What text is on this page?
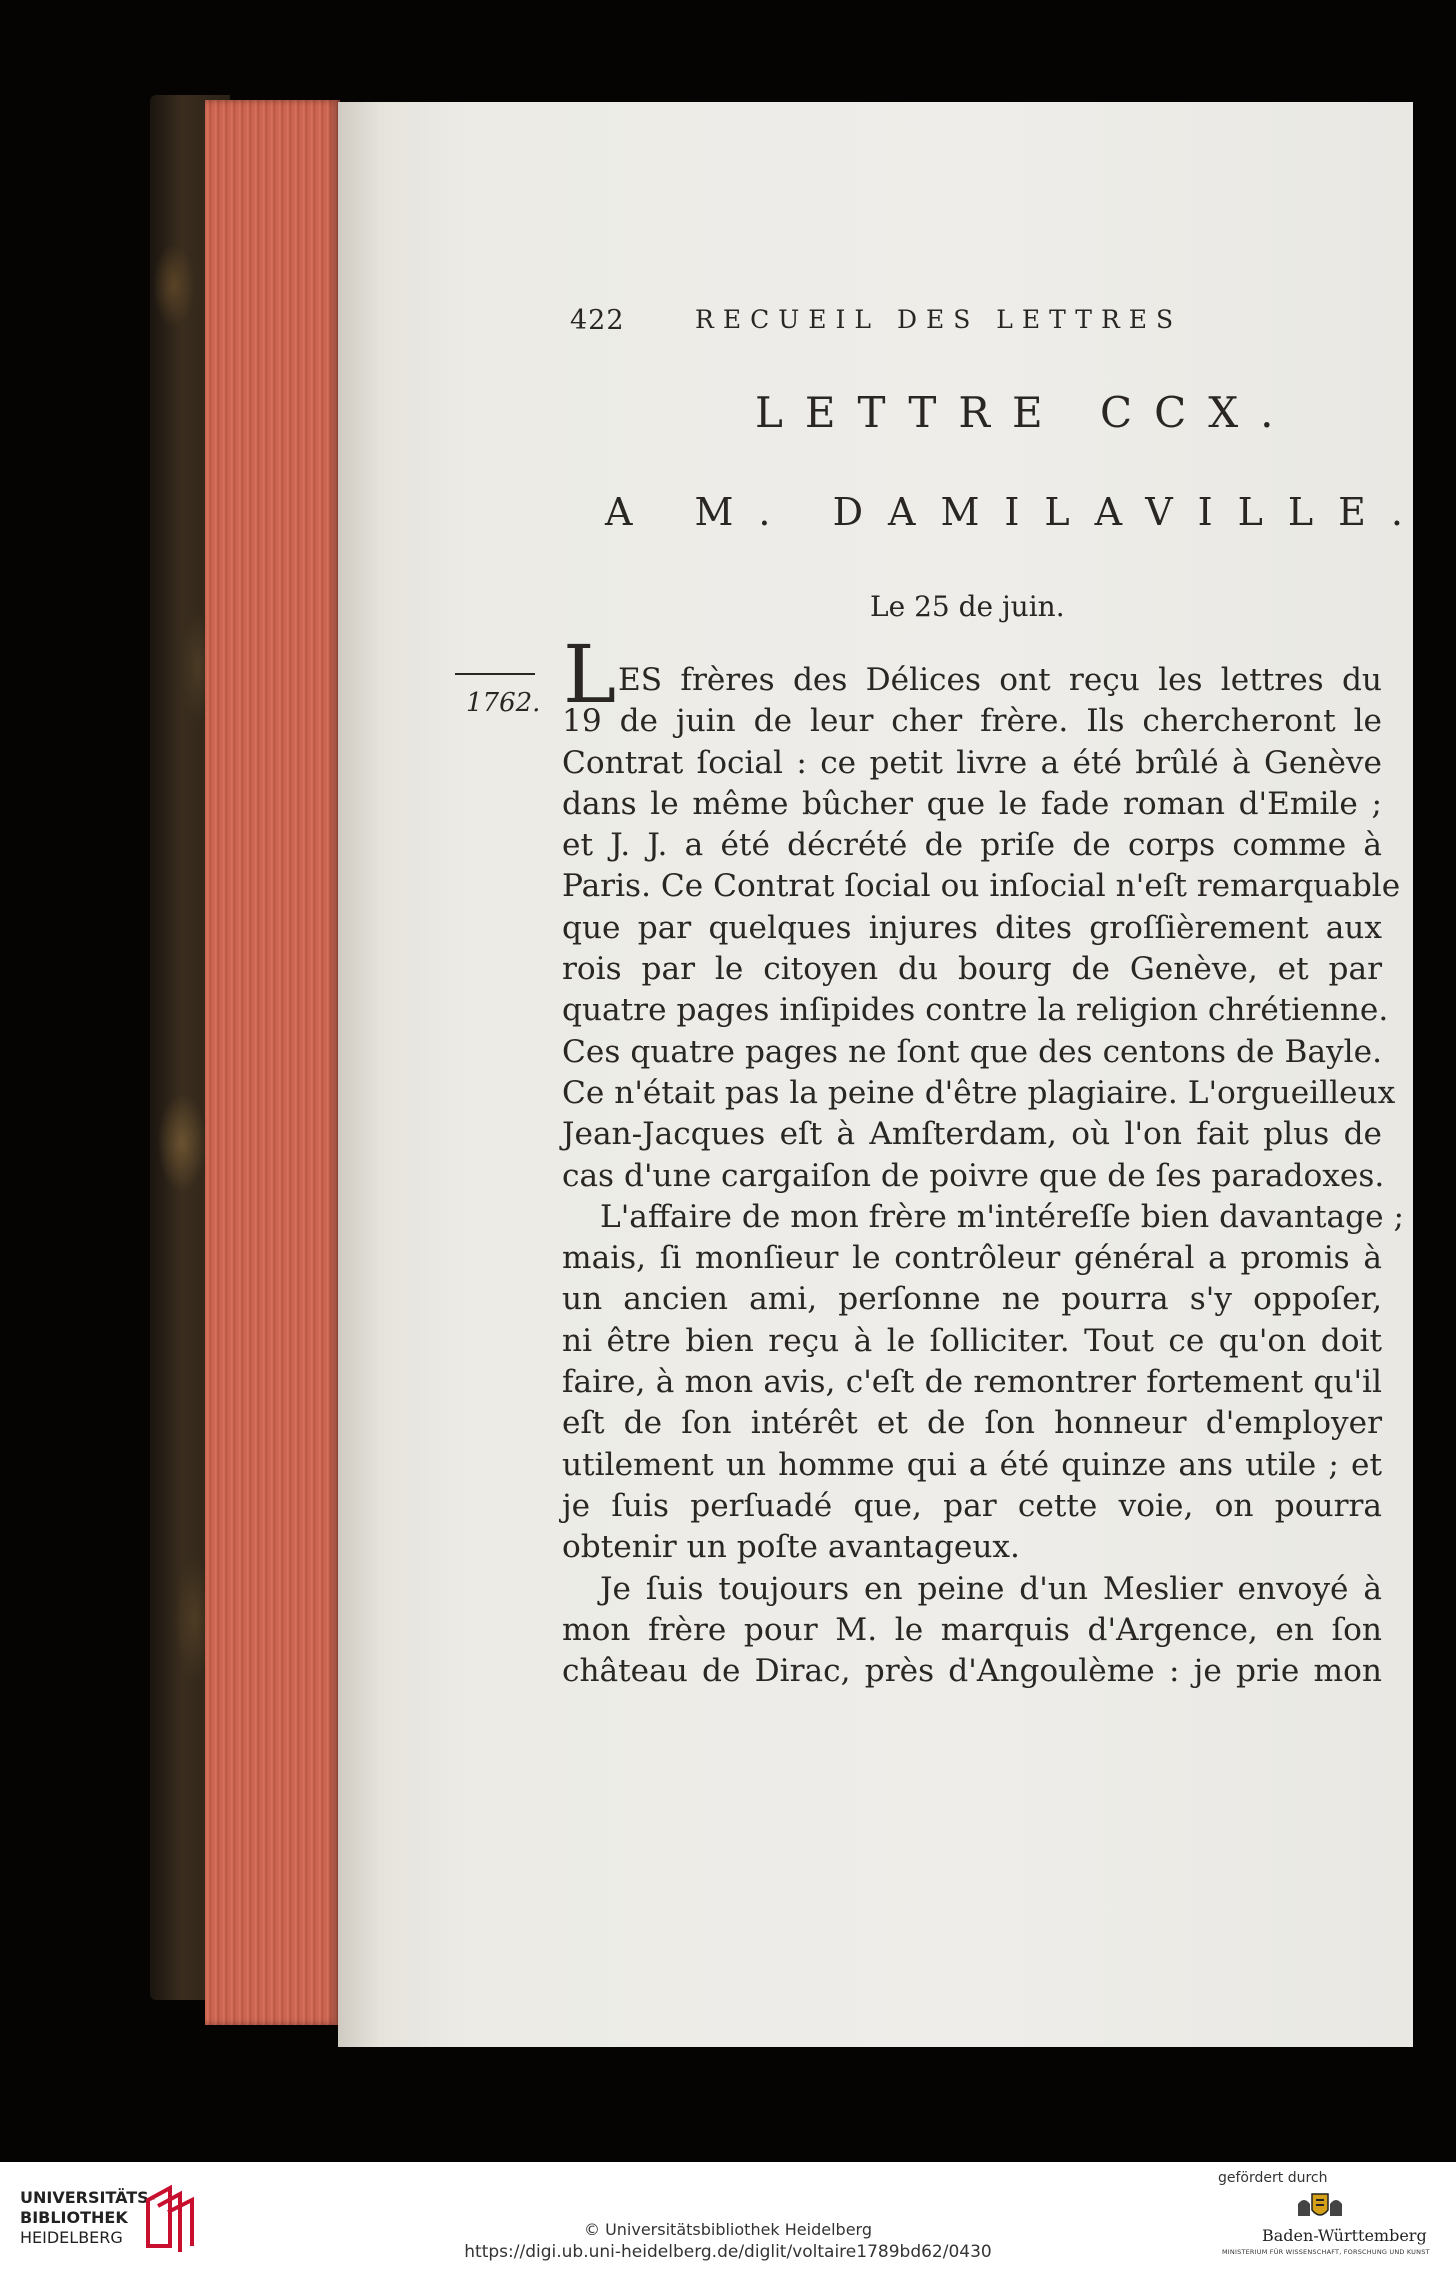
422	RECUEIL DES LETTRES
LETTRE CCX.
A M. DAMILAVILLE.
Le 25 de juin.
1762. L ES frères des Délices ont reçu les lettres du
19 de juin de leur cher frère. Ils chercheront le
Contrat ſocial : ce petit livre a été brûlé à Genève
dans le même bûcher que le fade roman d'Emile ;
et J. J. a été décrété de priſe de corps comme à
Paris. Ce Contrat ſocial ou inſocial n'eſt remarquable
que par quelques injures dites groſſièrement aux
rois par le citoyen du bourg de Genève, et par
quatre pages inſipides contre la religion chrétienne.
Ces quatre pages ne ſont que des centons de Bayle.
Ce n'était pas la peine d'être plagiaire. L'orgueilleux
Jean-Jacques eſt à Amſterdam, où l'on fait plus de
cas d'une cargaiſon de poivre que de ſes paradoxes.
L'affaire de mon frère m'intéreſſe bien davantage ;
mais, ſi monſieur le contrôleur général a promis à
un ancien ami, perſonne ne pourra s'y oppoſer,
ni être bien reçu à le ſolliciter. Tout ce qu'on doit
faire, à mon avis, c'eſt de remontrer fortement qu'il
eſt de ſon intérêt et de ſon honneur d'employer
utilement un homme qui a été quinze ans utile ; et
je ſuis perſuadé que, par cette voie, on pourra
obtenir un poſte avantageux.
Je ſuis toujours en peine d'un Meslier envoyé à
mon frère pour M. le marquis d'Argence, en ſon
château de Dirac, près d'Angoulème : je prie mon
UNIVERSITÄTS-
BIBLIOTHEK
HEIDELBERG	© Universitätsbibliothek Heidelberg
https://digi.ub.uni-heidelberg.de/diglit/voltaire1789bd62/0430
gefördert durch
Baden-Württemberg
MINISTERIUM FÜR WISSENSCHAFT, FORSCHUNG UND KUNST
